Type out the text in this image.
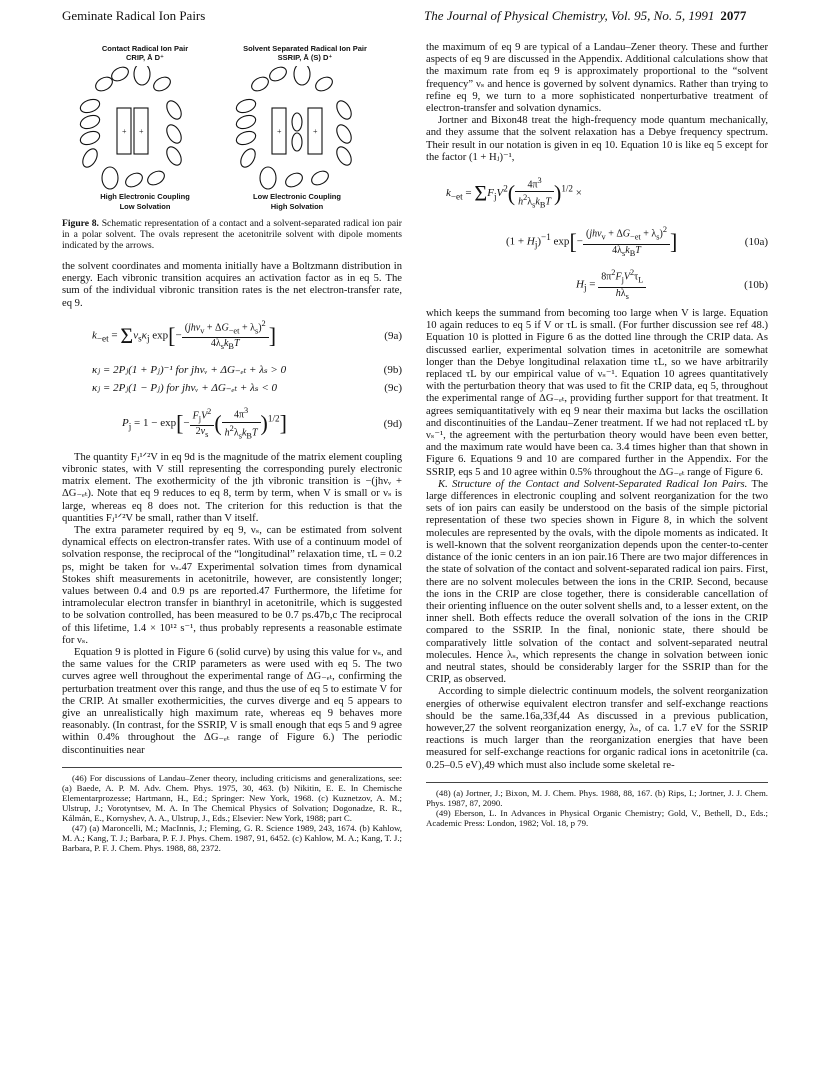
Geminate Radical Ion Pairs	The Journal of Physical Chemistry, Vol. 95, No. 5, 1991 2077
Contact Radical Ion Pair
CRIP, Ā D⁺
Solvent Separated Radical Ion Pair
SSRIP, Ā (S) D⁺
+ +	+	+
High Electronic Coupling
Low Solvation
Low Electronic Coupling
High Solvation
Figure 8. Schematic representation of a contact and a solvent-separated radical ion pair in a polar solvent. The ovals represent the acetonitrile solvent with dipole moments indicated by the arrows.

the solvent coordinates and momenta initially have a Boltzmann distribution in energy. Each vibronic transition acquires an activation factor as in eq 5. The sum of the individual vibronic transition rates is the net electron-transfer rate, eq 9.

$k_{-et} = \Sigma\nu_s\kappa_j$ $\exp[- \frac{(jh\nu_v + \Delta G_{-et} + \lambda_s)^2}{4\lambda_sk_BT}$ ]	(9a)
κⱼ = 2Pⱼ(1 + Pⱼ)⁻¹ for jhνᵥ + ΔG₋ₑₜ + λₛ > 0	(9b)
κⱼ = 2Pⱼ(1 − Pⱼ) for jhνᵥ + ΔG₋ₑₜ + λₛ < 0	(9c)
$P_j = 1 - \exp[- \frac{F_jV^2}{2\nu_s}$ ( $\frac{4\pi^3}{h^2\lambda_sk_BT} )^{1/2}$]	(9d)

The quantity Fⱼ¹ᐟ²V in eq 9d is the magnitude of the matrix element coupling vibronic states, with V still representing the corresponding purely electronic matrix element. The exothermicity of the jth vibronic transition is −(jhνᵥ + ΔG₋ₑₜ). Note that eq 9 reduces to eq 8, term by term, when V is small or νₛ is large, whereas eq 8 does not. The criterion for this reduction is that the quantities Fⱼ¹ᐟ²V be small, rather than V itself.

The extra parameter required by eq 9, νₛ, can be estimated from solvent dynamical effects on electron-transfer rates. With use of a continuum model of solvation response, the reciprocal of the “longitudinal” relaxation time, τL = 0.2 ps, might be taken for νₛ.47 Experimental solvation times from dynamical Stokes shift measurements in acetonitrile, however, are consistently longer; values between 0.4 and 0.9 ps are reported.47 Furthermore, the lifetime for intramolecular electron transfer in bianthryl in acetonitrile, which is suggested to be solvation controlled, has been measured to be 0.7 ps.47b,c The reciprocal of this lifetime, 1.4 × 10¹² s⁻¹, thus probably represents a reasonable estimate for νₛ.

Equation 9 is plotted in Figure 6 (solid curve) by using this value for νₛ, and the same values for the CRIP parameters as were used with eq 5. The two curves agree well throughout the experimental range of ΔG₋ₑₜ, confirming the perturbation treatment over this range, and thus the use of eq 5 to estimate V for the CRIP. At smaller exothermicities, the curves diverge and eq 5 appears to give an unrealistically high maximum rate, whereas eq 9 behaves more reasonably. (In contrast, for the SSRIP, V is small enough that eqs 5 and 9 agree within 0.4% throughout the ΔG₋ₑₜ range of Figure 6.) The periodic discontinuities near

(46) For discussions of Landau–Zener theory, including criticisms and generalizations, see: (a) Baede, A. P. M. Adv. Chem. Phys. 1975, 30, 463. (b) Nikitin, E. E. In Chemische Elementarprozesse; Hartmann, H., Ed.; Springer: New York, 1968. (c) Kuznetzov, A. M.; Ulstrup, J.; Vorotyntsev, M. A. In The Chemical Physics of Solvation; Dogonadze, R. R., Kálmán, E., Kornyshev, A. A., Ulstrup, J., Eds.; Elsevier: New York, 1988; part C.
(47) (a) Maroncelli, M.; MacInnis, J.; Fleming, G. R. Science 1989, 243, 1674. (b) Kahlow, M. A.; Kang, T. J.; Barbara, P. F. J. Phys. Chem. 1987, 91, 6452. (c) Kahlow, M. A.; Kang, T. J.; Barbara, P. F. J. Chem. Phys. 1988, 88, 2372.

the maximum of eq 9 are typical of a Landau–Zener theory. These and further aspects of eq 9 are discussed in the Appendix. Additional calculations show that the maximum rate from eq 9 is approximately proportional to the “solvent frequency” νₛ and hence is governed by solvent dynamics. Rather than trying to refine eq 9, we turn to a more sophisticated nonperturbative treatment of electron-transfer and solvation dynamics.

Jortner and Bixon48 treat the high-frequency mode quantum mechanically, and they assume that the solvent relaxation has a Debye frequency spectrum. Their result in our notation is given in eq 10. Equation 10 is like eq 5 except for the factor (1 + Hⱼ)⁻¹,

$k_{-et} = \Sigma F_jV^2( \frac{4\pi^3}{h^2\lambda_sk_BT} )^{1/2}$ ×
$(1 + H_j)^{-1}$ $\exp[- \frac{(jh\nu_v + \Delta G_{-et} + \lambda_s)^2}{4\lambda_sk_BT}$ ]	(10a)
$H_j = \frac{8\pi^2F_jV^2\tau_L}{h\lambda_s}$	(10b)

which keeps the summand from becoming too large when V is large. Equation 10 again reduces to eq 5 if V or τL is small. (For further discussion see ref 48.) Equation 10 is plotted in Figure 6 as the dotted line through the CRIP data. As discussed earlier, experimental solvation times in acetonitrile are somewhat longer than the Debye longitudinal relaxation time τL, so we have arbitrarily replaced τL by our empirical value of νₛ⁻¹. Equation 10 agrees quantitatively with the perturbation theory that was used to fit the CRIP data, eq 5, throughout the experimental range of ΔG₋ₑₜ, providing further support for that treatment. It agrees semiquantitatively with eq 9 near their maxima but lacks the oscillation and discontinuities of the Landau–Zener treatment. If we had not replaced τL by νₛ⁻¹, the agreement with the perturbation theory would have been even better, and the maximum rate would have been ca. 3.4 times higher than that shown in Figure 6. Equations 9 and 10 are compared further in the Appendix. For the SSRIP, eqs 5 and 10 agree within 0.5% throughout the ΔG₋ₑₜ range of Figure 6.

K. Structure of the Contact and Solvent-Separated Radical Ion Pairs. The large differences in electronic coupling and solvent reorganization for the two sets of ion pairs can easily be understood on the basis of the simple pictorial representation of these two species shown in Figure 8, in which the solvent molecules are represented by the ovals, with the dipole moments as indicated. It is well-known that the solvent reorganization depends upon the center-to-center distance of the ionic centers in an ion pair.16 There are two major differences in the state of solvation of the contact and solvent-separated radical ion pairs. First, there are no solvent molecules between the ions in the CRIP. Second, because the ions in the CRIP are close together, there is considerable cancellation of their orienting influence on the outer solvent shells and, to a lesser extent, on the inner shell. Both effects reduce the overall solvation of the ions in the CRIP compared to the SSRIP. In the final, nonionic state, there should be comparatively little solvation of the contact and solvent-separated neutral molecules. Hence λₛ, which represents the change in solvation between ionic and neutral states, should be considerably larger for the SSRIP than for the CRIP, as observed.

According to simple dielectric continuum models, the solvent reorganization energies of otherwise equivalent electron transfer and self-exchange reactions should be the same.16a,33f,44 As discussed in a previous publication, however,27 the solvent reorganization energy, λₛ, of ca. 1.7 eV for the SSRIP reactions is much larger than the reorganization energies that have been measured for self-exchange reactions for organic radical ions in acetonitrile (ca. 0.25–0.5 eV),49 which must also include some skeletal re-

(48) (a) Jortner, J.; Bixon, M. J. Chem. Phys. 1988, 88, 167. (b) Rips, I.; Jortner, J. J. Chem. Phys. 1987, 87, 2090.
(49) Eberson, L. In Advances in Physical Organic Chemistry; Gold, V., Bethell, D., Eds.; Academic Press: London, 1982; Vol. 18, p 79.
